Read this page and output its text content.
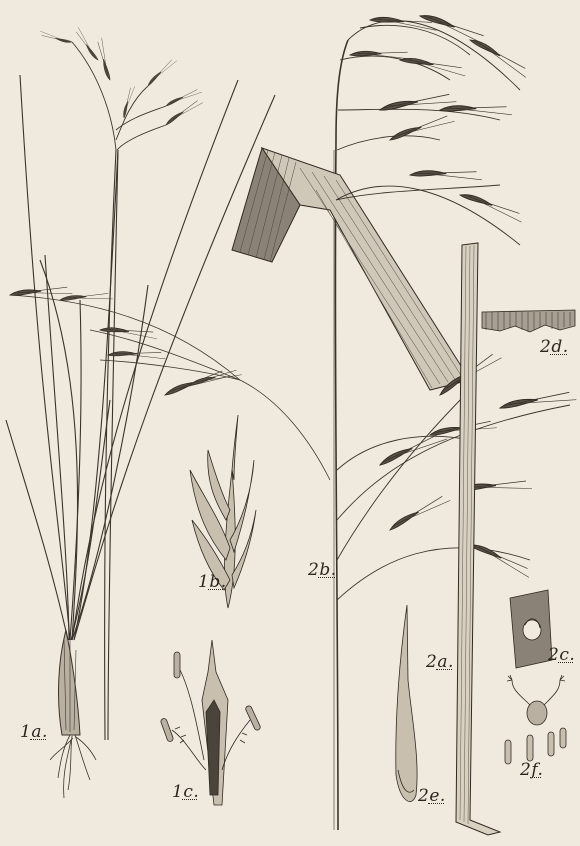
1a.
1b.
1c.
2a.
2b.
2c.
2d.
2e.
2f.
